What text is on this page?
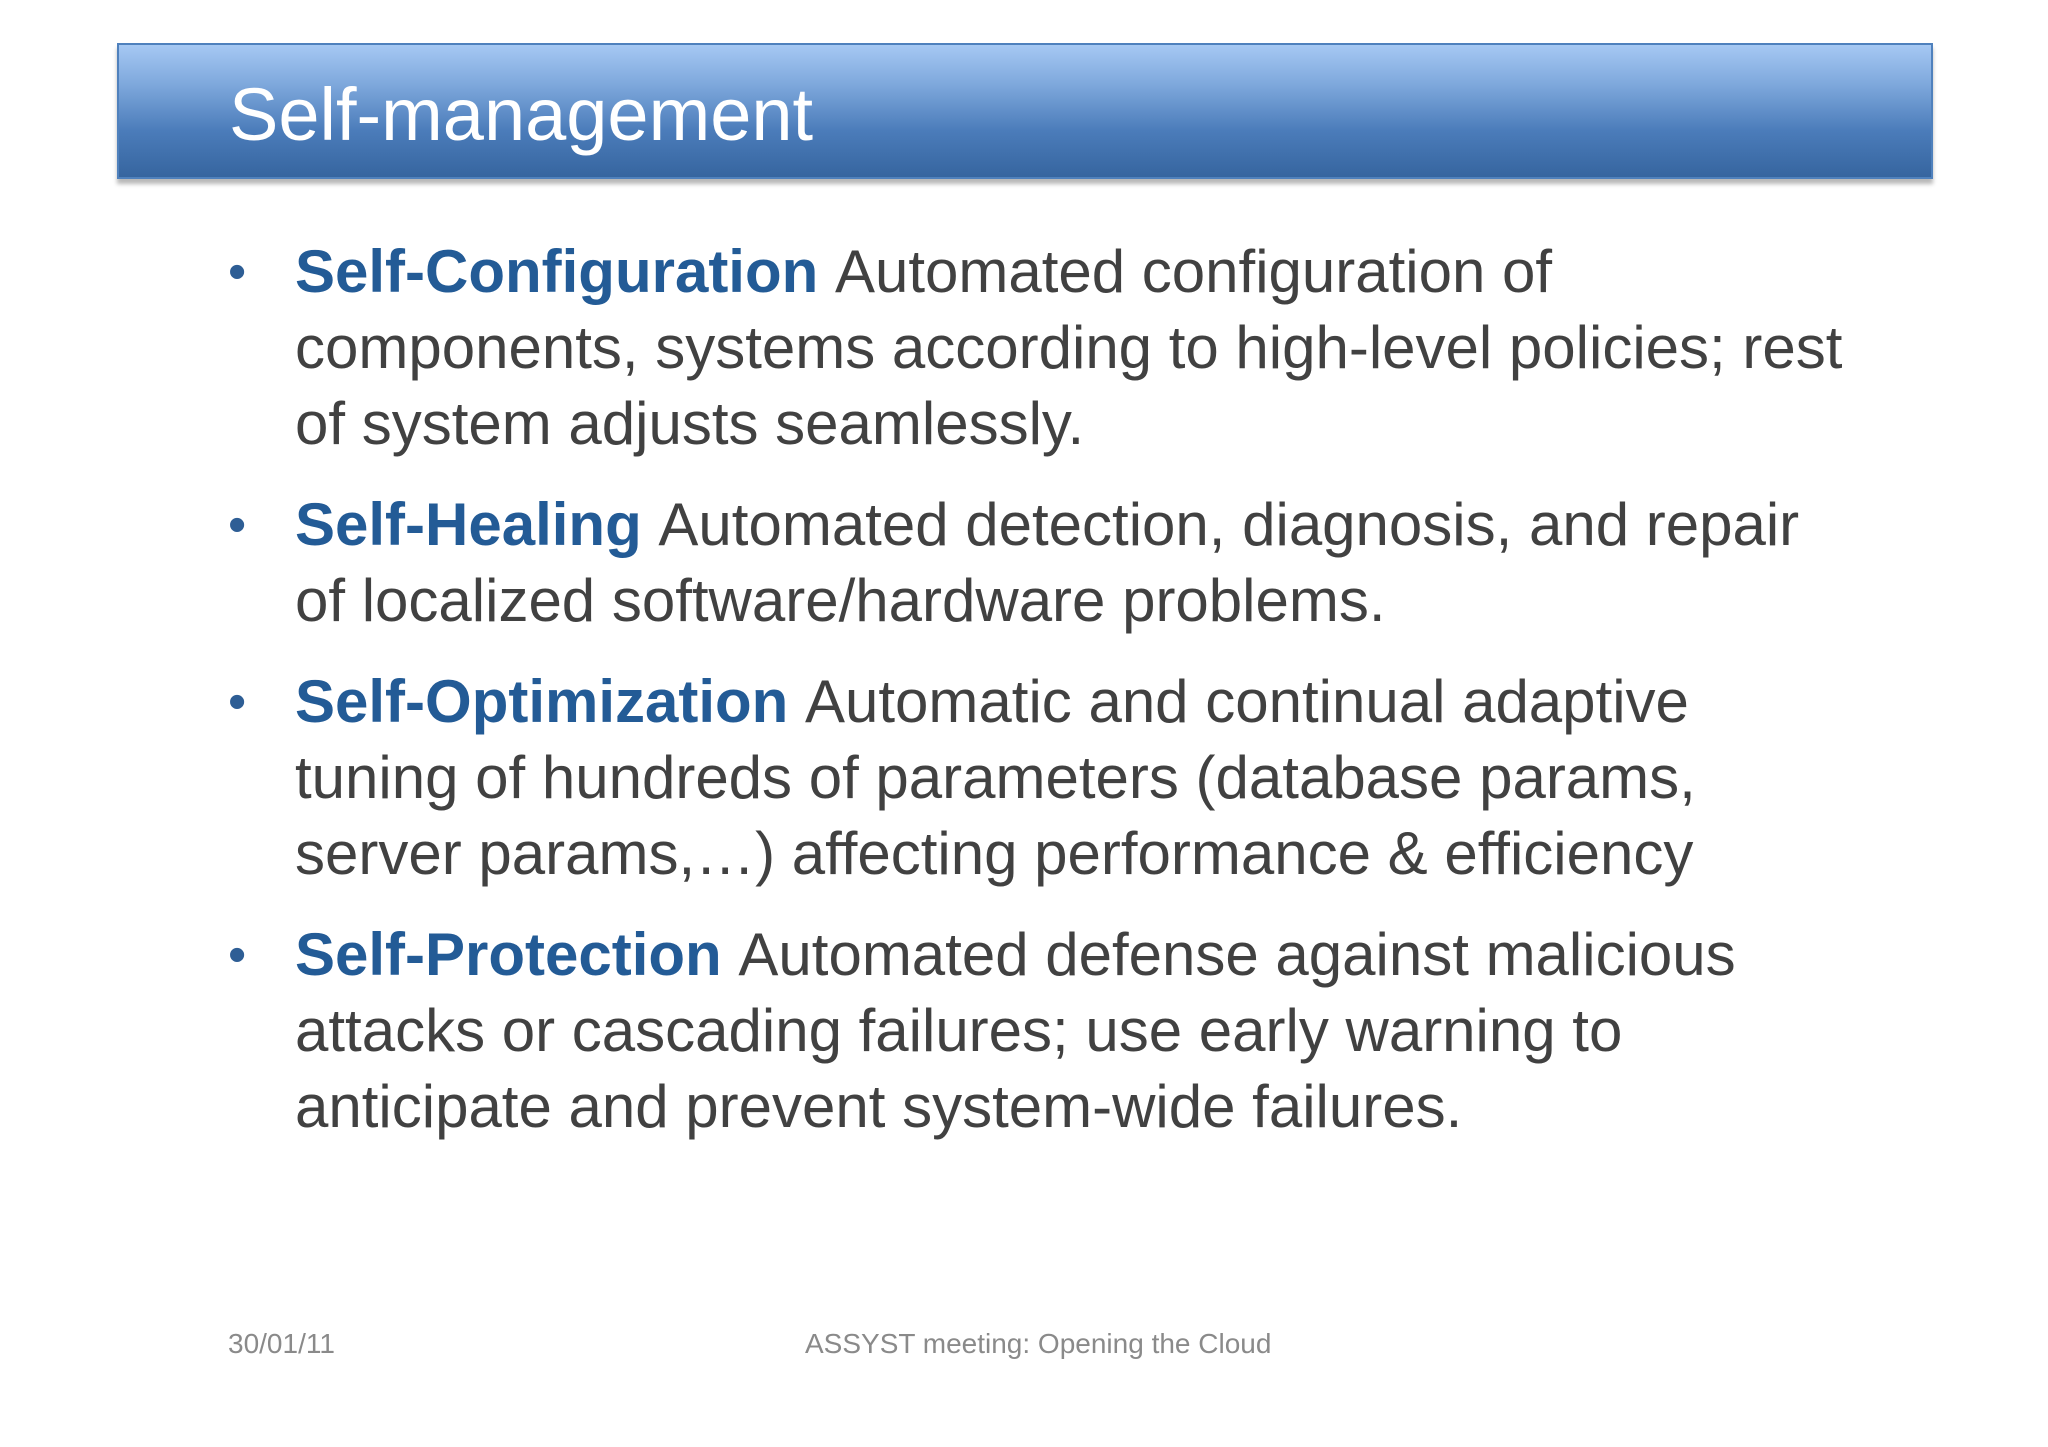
Self-management
• Self-Configuration Automated configuration of components, systems according to high-level policies; rest of system adjusts seamlessly.
• Self-Healing Automated detection, diagnosis, and repair of localized software/hardware problems.
• Self-Optimization Automatic and continual adaptive tuning of hundreds of parameters (database params, server params,…) affecting performance & efficiency
• Self-Protection Automated defense against malicious attacks or cascading failures; use early warning to anticipate and prevent system-wide failures.
30/01/11	ASSYST meeting: Opening the Cloud
